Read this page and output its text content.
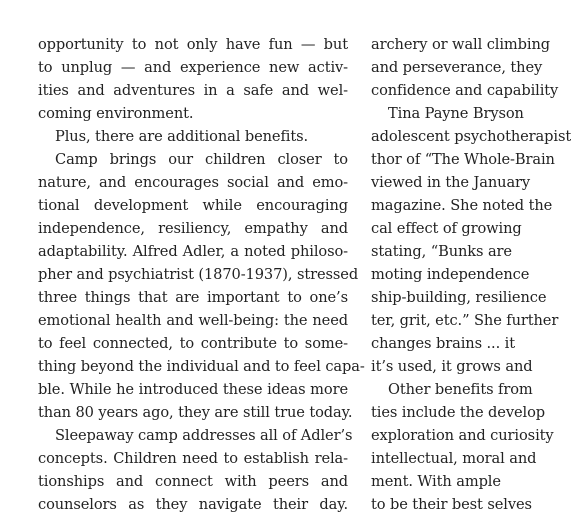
opportunity to not only have fun — but
to unplug — and experience new activ-
ities and adventures in a safe and wel-
coming environment.
Plus, there are additional benefits.
Camp brings our children closer to
nature, and encourages social and emo-
tional development while encouraging
independence, resiliency, empathy and
adaptability. Alfred Adler, a noted philoso-
pher and psychiatrist (1870-1937), stressed
three things that are important to one’s
emotional health and well-being: the need
to feel connected, to contribute to some-
thing beyond the individual and to feel capa-
ble. While he introduced these ideas more
than 80 years ago, they are still true today.
Sleepaway camp addresses all of Adler’s
concepts. Children need to establish rela-
tionships and connect with peers and
counselors as they navigate their day.
archery or wall climbing
and perseverance, they
confidence and capability
Tina Payne Bryson
adolescent psychotherapist
thor of “The Whole-Brain
viewed in the January
magazine. She noted the
cal effect of growing
stating, “Bunks are
moting independence
ship-building, resilience
ter, grit, etc.” She further
changes brains ... it
it’s used, it grows and
Other benefits from
ties include the develop
exploration and curiosity
intellectual, moral and
ment. With ample
to be their best selves
